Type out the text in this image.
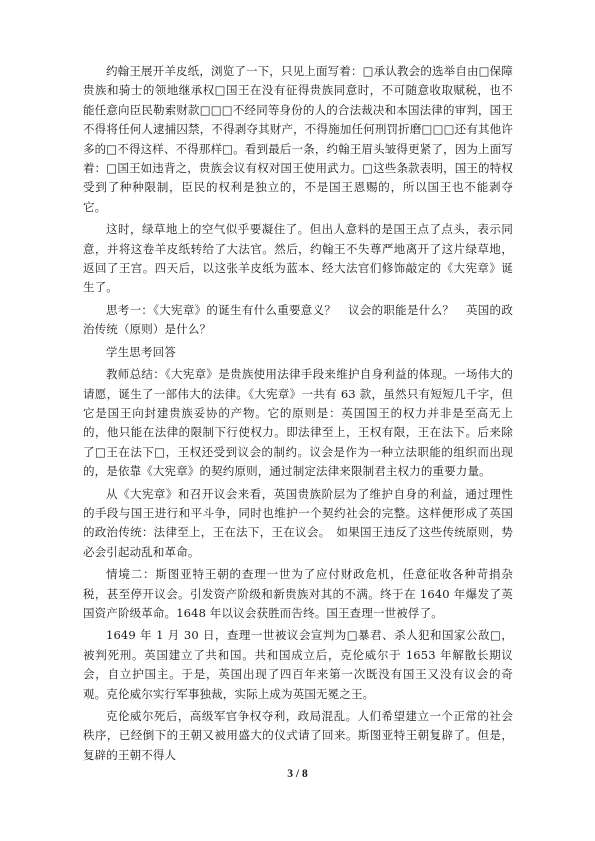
约翰王展开羊皮纸，浏览了一下，只见上面写着：□承认教会的选举自由□保障贵族和骑士的领地继承权□国王在没有征得贵族同意时，不可随意收取赋税，也不能任意向臣民勒索财款□□□不经同等身份的人的合法裁决和本国法律的审判，国王不得将任何人逮捕囚禁，不得剥夺其财产，不得施加任何刑罚折磨□□□还有其他许多的□不得这样、不得那样□。看到最后一条，约翰王眉头皱得更紧了，因为上面写着：□国王如违背之，贵族会议有权对国王使用武力。□这些条款表明，国王的特权受到了种种限制，臣民的权利是独立的，不是国王恩赐的，所以国王也不能剥夺它。

这时，绿草地上的空气似乎要凝住了。但出人意料的是国王点了点头，表示同意，并将这卷羊皮纸转给了大法官。然后，约翰王不失尊严地离开了这片绿草地，返回了王宫。四天后，以这张羊皮纸为蓝本、经大法官们修饰敲定的《大宪章》诞生了。

思考一：《大宪章》的诞生有什么重要意义？　议会的职能是什么？　英国的政治传统（原则）是什么？

学生思考回答

教师总结：《大宪章》是贵族使用法律手段来维护自身利益的体现。一场伟大的请愿，诞生了一部伟大的法律。《大宪章》一共有 63 款，虽然只有短短几千字，但它是国王向封建贵族妥协的产物。它的原则是：英国国王的权力并非是至高无上的，他只能在法律的限制下行使权力。即法律至上，王权有限，王在法下。后来除了□王在法下□，王权还受到议会的制约。议会是作为一种立法职能的组织而出现的，是依靠《大宪章》的契约原则，通过制定法律来限制君主权力的重要力量。

从《大宪章》和召开议会来看，英国贵族阶层为了维护自身的利益，通过理性的手段与国王进行和平斗争，同时也维护一个契约社会的完整。这样便形成了英国的政治传统：法律至上，王在法下，王在议会。　如果国王违反了这些传统原则，势必会引起动乱和革命。

情境二：斯图亚特王朝的查理一世为了应付财政危机，任意征收各种苛捐杂税，甚至停开议会。引发资产阶级和新贵族对其的不满。终于在 1640 年爆发了英国资产阶级革命。1648 年以议会获胜而告终。国王查理一世被俘了。

1649 年 1 月 30 日，查理一世被议会宣判为□暴君、杀人犯和国家公敌□，被判死刑。英国建立了共和国。共和国成立后，克伦威尔于 1653 年解散长期议会，自立护国主。于是，英国出现了四百年来第一次既没有国王又没有议会的奇观。克伦威尔实行军事独裁，实际上成为英国无冕之王。

克伦威尔死后，高级军官争权夺利，政局混乱。人们希望建立一个正常的社会秩序，已经倒下的王朝又被用盛大的仪式请了回来。斯图亚特王朝复辟了。但是，复辟的王朝不得人

3 / 8
